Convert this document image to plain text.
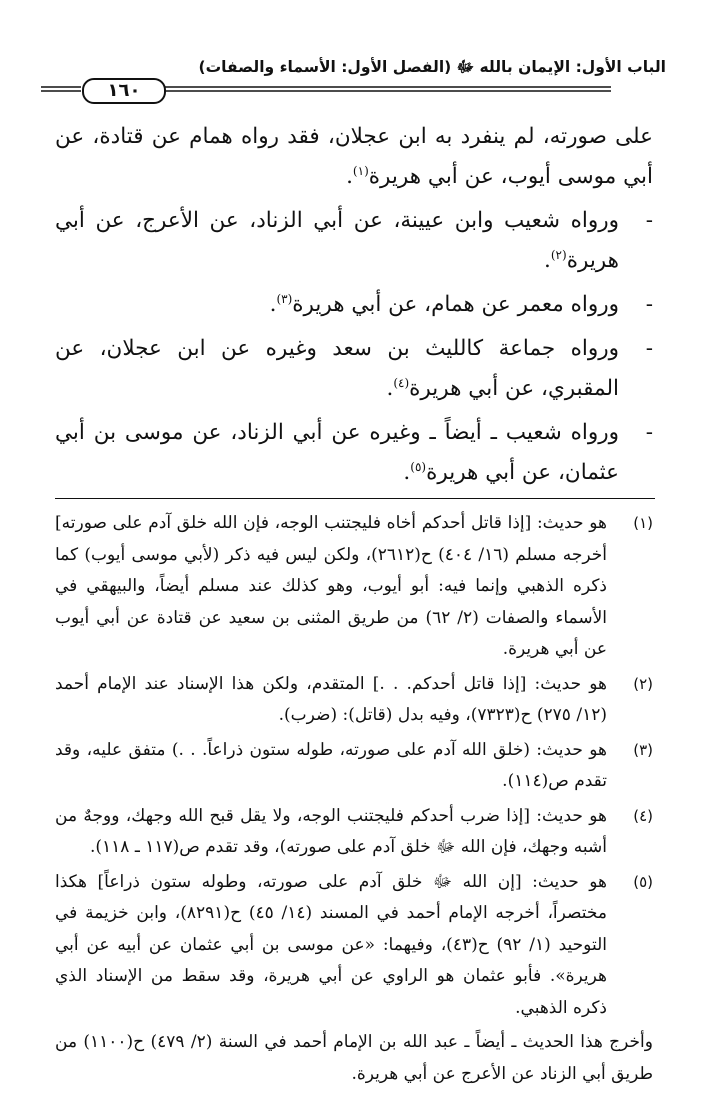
الباب الأول: الإيمان بالله ﷻ (الفصل الأول: الأسماء والصفات)
١٦٠

على صورته، لم ينفرد به ابن عجلان، فقد رواه همام عن قتادة، عن أبي موسى أيوب، عن أبي هريرة$^{(١)}$.

-
ورواه شعيب وابن عيينة، عن أبي الزناد، عن الأعرج، عن أبي هريرة$^{(٢)}$.
-
ورواه معمر عن همام، عن أبي هريرة$^{(٣)}$.
-
ورواه جماعة كالليث بن سعد وغيره عن ابن عجلان، عن المقبري، عن أبي هريرة$^{(٤)}$.
-
ورواه شعيب ـ أيضاً ـ وغيره عن أبي الزناد، عن موسى بن أبي عثمان، عن أبي هريرة$^{(٥)}$.
(١)
هو حديث: [إذا قاتل أحدكم أخاه فليجتنب الوجه، فإن الله خلق آدم على صورته] أخرجه مسلم (١٦/ ٤٠٤) ح(٢٦١٢)، ولكن ليس فيه ذكر (لأبي موسى أيوب) كما ذكره الذهبي وإنما فيه: أبو أيوب، وهو كذلك عند مسلم أيضاً، والبيهقي في الأسماء والصفات (٢/ ٦٢) من طريق المثنى بن سعيد عن قتادة عن أبي أيوب عن أبي هريرة.
(٢)
هو حديث: [إذا قاتل أحدكم. . .] المتقدم، ولكن هذا الإسناد عند الإمام أحمد (١٢/ ٢٧٥) ح(٧٣٢٣)، وفيه بدل (قاتل): (ضرب).
(٣)
هو حديث: (خلق الله آدم على صورته، طوله ستون ذراعاً. . .) متفق عليه، وقد تقدم ص(١١٤).
(٤)
هو حديث: [إذا ضرب أحدكم فليجتنب الوجه، ولا يقل قبح الله وجهك، ووجهٌ من أشبه وجهك، فإن الله ﷻ خلق آدم على صورته)، وقد تقدم ص(١١٧ ـ ١١٨).
(٥)
هو حديث: [إن الله ﷻ خلق آدم على صورته، وطوله ستون ذراعاً] هكذا مختصراً، أخرجه الإمام أحمد في المسند (١٤/ ٤٥) ح(٨٢٩١)، وابن خزيمة في التوحيد (١/ ٩٢) ح(٤٣)، وفيهما: «عن موسى بن أبي عثمان عن أبيه عن أبي هريرة». فأبو عثمان هو الراوي عن أبي هريرة، وقد سقط من الإسناد الذي ذكره الذهبي.

وأخرج هذا الحديث ـ أيضاً ـ عبد الله بن الإمام أحمد في السنة (٢/ ٤٧٩) ح(١١٠٠) من طريق أبي الزناد عن الأعرج عن أبي هريرة.
